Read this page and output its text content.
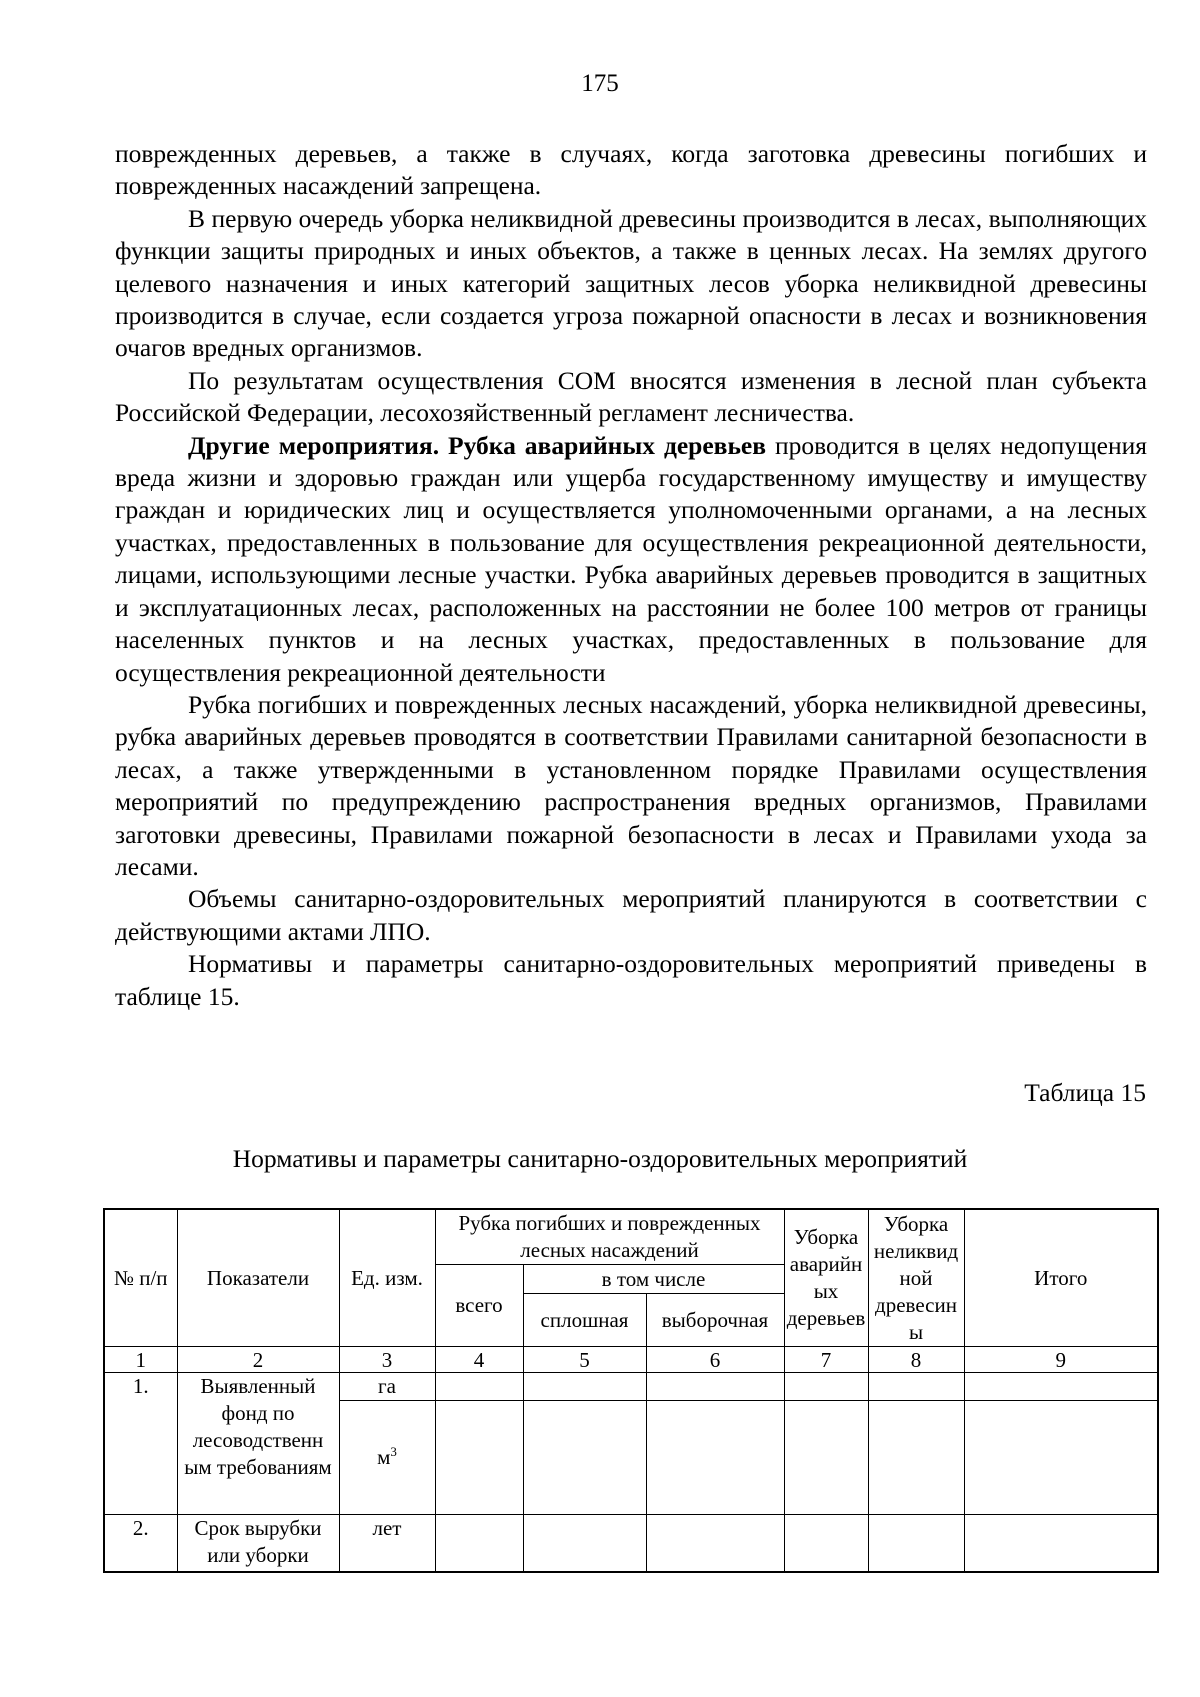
175

поврежденных деревьев, а также в случаях, когда заготовка древесины погибших и поврежденных насаждений запрещена.

В первую очередь уборка неликвидной древесины производится в лесах, выполняющих функции защиты природных и иных объектов, а также в ценных лесах. На землях другого целевого назначения и иных категорий защитных лесов уборка неликвидной древесины производится в случае, если создается угроза пожарной опасности в лесах и возникновения очагов вредных организмов.

По результатам осуществления СОМ вносятся изменения в лесной план субъекта Российской Федерации, лесохозяйственный регламент лесничества.

Другие мероприятия. Рубка аварийных деревьев проводится в целях недопущения вреда жизни и здоровью граждан или ущерба государственному имуществу и имуществу граждан и юридических лиц и осуществляется уполномоченными органами, а на лесных участках, предоставленных в пользование для осуществления рекреационной деятельности, лицами, использующими лесные участки. Рубка аварийных деревьев проводится в защитных и эксплуатационных лесах, расположенных на расстоянии не более 100 метров от границы населенных пунктов и на лесных участках, предоставленных в пользование для осуществления рекреационной деятельности

Рубка погибших и поврежденных лесных насаждений, уборка неликвидной древесины, рубка аварийных деревьев проводятся в соответствии Правилами санитарной безопасности в лесах, а также утвержденными в установленном порядке Правилами осуществления мероприятий по предупреждению распространения вредных организмов, Правилами заготовки древесины, Правилами пожарной безопасности в лесах и Правилами ухода за лесами.

Объемы санитарно-оздоровительных мероприятий планируются в соответствии с действующими актами ЛПО.

Нормативы и параметры санитарно-оздоровительных мероприятий приведены в таблице 15.

Таблица 15
Нормативы и параметры санитарно-оздоровительных мероприятий
№ п/п	Показатели	Ед. изм.	Рубка погибших и поврежденных лесных насаждений			Уборка аварийн ых деревьев	Уборка неликвид ной древесин ы	Итого
			всего	в том числе				
				сплошная	выборочная			
1	2	3	4	5	6	7	8	9
1.	Выявленный фонд по лесоводственн ым требованиям	га						
		$м^3$						
2.	Срок вырубки или уборки	лет						
